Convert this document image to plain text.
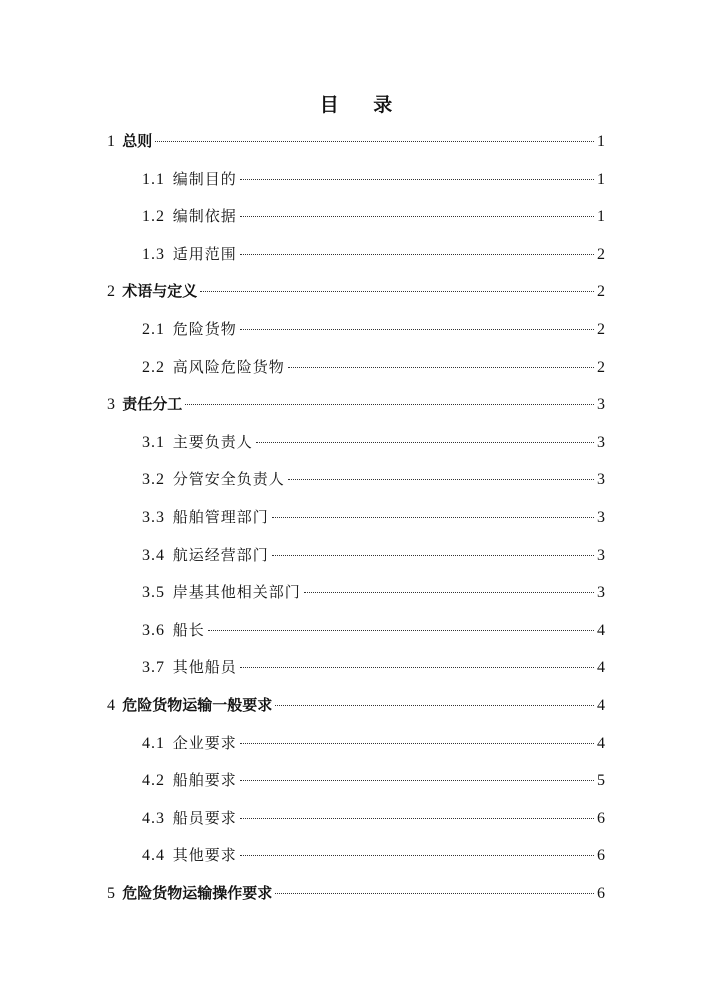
目 录
1 总则	1
1.1 编制目的	1
1.2 编制依据	1
1.3 适用范围	2
2 术语与定义	2
2.1 危险货物	2
2.2 高风险危险货物	2
3 责任分工	3
3.1 主要负责人	3
3.2 分管安全负责人	3
3.3 船舶管理部门	3
3.4 航运经营部门	3
3.5 岸基其他相关部门	3
3.6 船长	4
3.7 其他船员	4
4 危险货物运输一般要求	4
4.1 企业要求	4
4.2 船舶要求	5
4.3 船员要求	6
4.4 其他要求	6
5 危险货物运输操作要求	6
